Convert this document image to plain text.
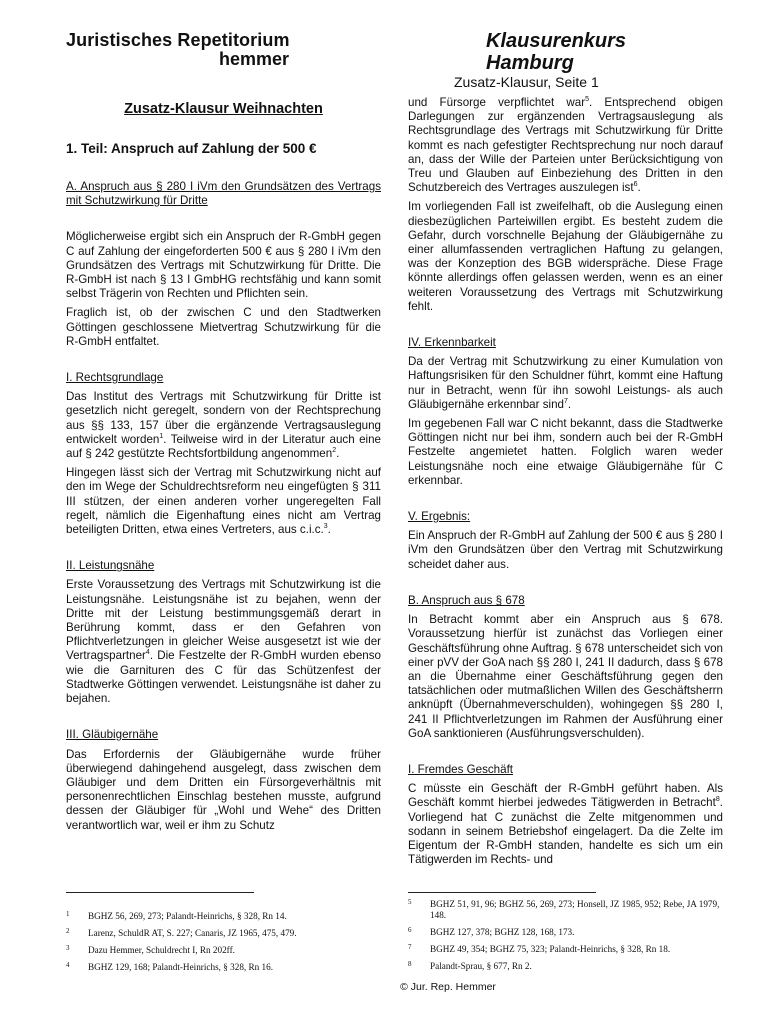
Juristisches Repetitorium
hemmer
Klausurenkurs Hamburg
Zusatz-Klausur, Seite 1
Zusatz-Klausur Weihnachten
1. Teil: Anspruch auf Zahlung der 500 €

A. Anspruch aus § 280 I iVm den Grundsätzen des Vertrags mit Schutzwirkung für Dritte

Möglicherweise ergibt sich ein Anspruch der R-GmbH gegen C auf Zahlung der eingeforderten 500 € aus § 280 I iVm den Grundsätzen des Vertrags mit Schutzwirkung für Dritte. Die R-GmbH ist nach § 13 I GmbHG rechtsfähig und kann somit selbst Trägerin von Rechten und Pflichten sein.

Fraglich ist, ob der zwischen C und den Stadtwerken Göttingen geschlossene Mietvertrag Schutzwirkung für die R-GmbH entfaltet.

I. Rechtsgrundlage

Das Institut des Vertrags mit Schutzwirkung für Dritte ist gesetzlich nicht geregelt, sondern von der Rechtsprechung aus §§ 133, 157 über die ergänzende Vertragsauslegung entwickelt worden$^1$. Teilweise wird in der Literatur auch eine auf § 242 gestützte Rechtsfortbildung angenommen$^2$.

Hingegen lässt sich der Vertrag mit Schutzwirkung nicht auf den im Wege der Schuldrechtsreform neu eingefügten § 311 III stützen, der einen anderen vorher ungeregelten Fall regelt, nämlich die Eigenhaftung eines nicht am Vertrag beteiligten Dritten, etwa eines Vertreters, aus c.i.c.$^3$.

II. Leistungsnähe

Erste Voraussetzung des Vertrags mit Schutzwirkung ist die Leistungsnähe. Leistungsnähe ist zu bejahen, wenn der Dritte mit der Leistung bestimmungsgemäß derart in Berührung kommt, dass er den Gefahren von Pflichtverletzungen in gleicher Weise ausgesetzt ist wie der Vertragspartner$^4$. Die Festzelte der R-GmbH wurden ebenso wie die Garnituren des C für das Schützenfest der Stadtwerke Göttingen verwendet. Leistungsnähe ist daher zu bejahen.

III. Gläubigernähe

Das Erfordernis der Gläubigernähe wurde früher überwiegend dahingehend ausgelegt, dass zwischen dem Gläubiger und dem Dritten ein Fürsorgeverhältnis mit personenrechtlichen Einschlag bestehen musste, aufgrund dessen der Gläubiger für „Wohl und Wehe“ des Dritten verantwortlich war, weil er ihm zu Schutz

und Fürsorge verpflichtet war$^5$. Entsprechend obigen Darlegungen zur ergänzenden Vertragsauslegung als Rechtsgrundlage des Vertrags mit Schutzwirkung für Dritte kommt es nach gefestigter Rechtsprechung nur noch darauf an, dass der Wille der Parteien unter Berücksichtigung von Treu und Glauben auf Einbeziehung des Dritten in den Schutzbereich des Vertrages auszulegen ist$^6$.

Im vorliegenden Fall ist zweifelhaft, ob die Auslegung einen diesbezüglichen Parteiwillen ergibt. Es besteht zudem die Gefahr, durch vorschnelle Bejahung der Gläubigernähe zu einer allumfassenden vertraglichen Haftung zu gelangen, was der Konzeption des BGB widerspräche. Diese Frage könnte allerdings offen gelassen werden, wenn es an einer weiteren Voraussetzung des Vertrags mit Schutzwirkung fehlt.

IV. Erkennbarkeit

Da der Vertrag mit Schutzwirkung zu einer Kumulation von Haftungsrisiken für den Schuldner führt, kommt eine Haftung nur in Betracht, wenn für ihn sowohl Leistungs- als auch Gläubigernähe erkennbar sind$^7$.

Im gegebenen Fall war C nicht bekannt, dass die Stadtwerke Göttingen nicht nur bei ihm, sondern auch bei der R-GmbH Festzelte angemietet hatten. Folglich waren weder Leistungsnähe noch eine etwaige Gläubigernähe für C erkennbar.

V. Ergebnis:

Ein Anspruch der R-GmbH auf Zahlung der 500 € aus § 280 I iVm den Grundsätzen über den Vertrag mit Schutzwirkung scheidet daher aus.

B. Anspruch aus § 678

In Betracht kommt aber ein Anspruch aus § 678. Voraussetzung hierfür ist zunächst das Vorliegen einer Geschäftsführung ohne Auftrag. § 678 unterscheidet sich von einer pVV der GoA nach §§ 280 I, 241 II dadurch, dass § 678 an die Übernahme einer Geschäftsführung gegen den tatsächlichen oder mutmaßlichen Willen des Geschäftsherrn anknüpft (Übernahmeverschulden), wohingegen §§ 280 I, 241 II Pflichtverletzungen im Rahmen der Ausführung einer GoA sanktionieren (Ausführungsverschulden).

I. Fremdes Geschäft

C müsste ein Geschäft der R-GmbH geführt haben. Als Geschäft kommt hierbei jedwedes Tätigwerden in Betracht$^8$. Vorliegend hat C zunächst die Zelte mitgenommen und sodann in seinem Betriebshof eingelagert. Da die Zelte im Eigentum der R-GmbH standen, handelte es sich um ein Tätigwerden im Rechts- und

1 BGHZ 56, 269, 273; Palandt-Heinrichs, § 328, Rn 14.
2 Larenz, SchuldR AT, S. 227; Canaris, JZ 1965, 475, 479.
3 Dazu Hemmer, Schuldrecht I, Rn 202ff.
4 BGHZ 129, 168; Palandt-Heinrichs, § 328, Rn 16.
5 BGHZ 51, 91, 96; BGHZ 56, 269, 273; Honsell, JZ 1985, 952; Rebe, JA 1979, 148.
6 BGHZ 127, 378; BGHZ 128, 168, 173.
7 BGHZ 49, 354; BGHZ 75, 323; Palandt-Heinrichs, § 328, Rn 18.
8 Palandt-Sprau, § 677, Rn 2.
© Jur. Rep. Hemmer
